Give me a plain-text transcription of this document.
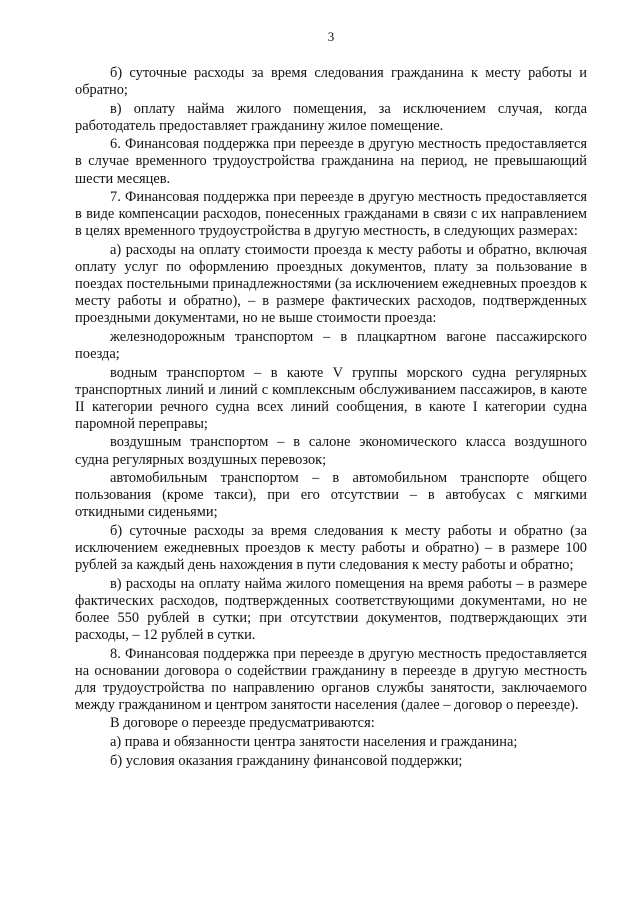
3

б) суточные расходы за время следования гражданина к месту работы и обратно;

в) оплату найма жилого помещения, за исключением случая, когда работодатель предоставляет гражданину жилое помещение.

6. Финансовая поддержка при переезде в другую местность предоставляется в случае временного трудоустройства гражданина на период, не превышающий шести месяцев.

7. Финансовая поддержка при переезде в другую местность предоставляется в виде компенсации расходов, понесенных гражданами в связи с их направлением в целях временного трудоустройства в другую местность, в следующих размерах:

а) расходы на оплату стоимости проезда к месту работы и обратно, включая оплату услуг по оформлению проездных документов, плату за пользование в поездах постельными принадлежностями (за исключением ежедневных проездов к месту работы и обратно), – в размере фактических расходов, подтвержденных проездными документами, но не выше стоимости проезда:

железнодорожным транспортом – в плацкартном вагоне пассажирского поезда;

водным транспортом – в каюте V группы морского судна регулярных транспортных линий и линий с комплексным обслуживанием пассажиров, в каюте II категории речного судна всех линий сообщения, в каюте I категории судна паромной переправы;

воздушным транспортом – в салоне экономического класса воздушного судна регулярных воздушных перевозок;

автомобильным транспортом – в автомобильном транспорте общего пользования (кроме такси), при его отсутствии – в автобусах с мягкими откидными сиденьями;

б) суточные расходы за время следования к месту работы и обратно (за исключением ежедневных проездов к месту работы и обратно) – в размере 100 рублей за каждый день нахождения в пути следования к месту работы и обратно;

в) расходы на оплату найма жилого помещения на время работы – в размере фактических расходов, подтвержденных соответствующими документами, но не более 550 рублей в сутки; при отсутствии документов, подтверждающих эти расходы, – 12 рублей в сутки.

8. Финансовая поддержка при переезде в другую местность предоставляется на основании договора о содействии гражданину в переезде в другую местность для трудоустройства по направлению органов службы занятости, заключаемого между гражданином и центром занятости населения (далее – договор о переезде).

В договоре о переезде предусматриваются:

а) права и обязанности центра занятости населения и гражданина;

б) условия оказания гражданину финансовой поддержки;
